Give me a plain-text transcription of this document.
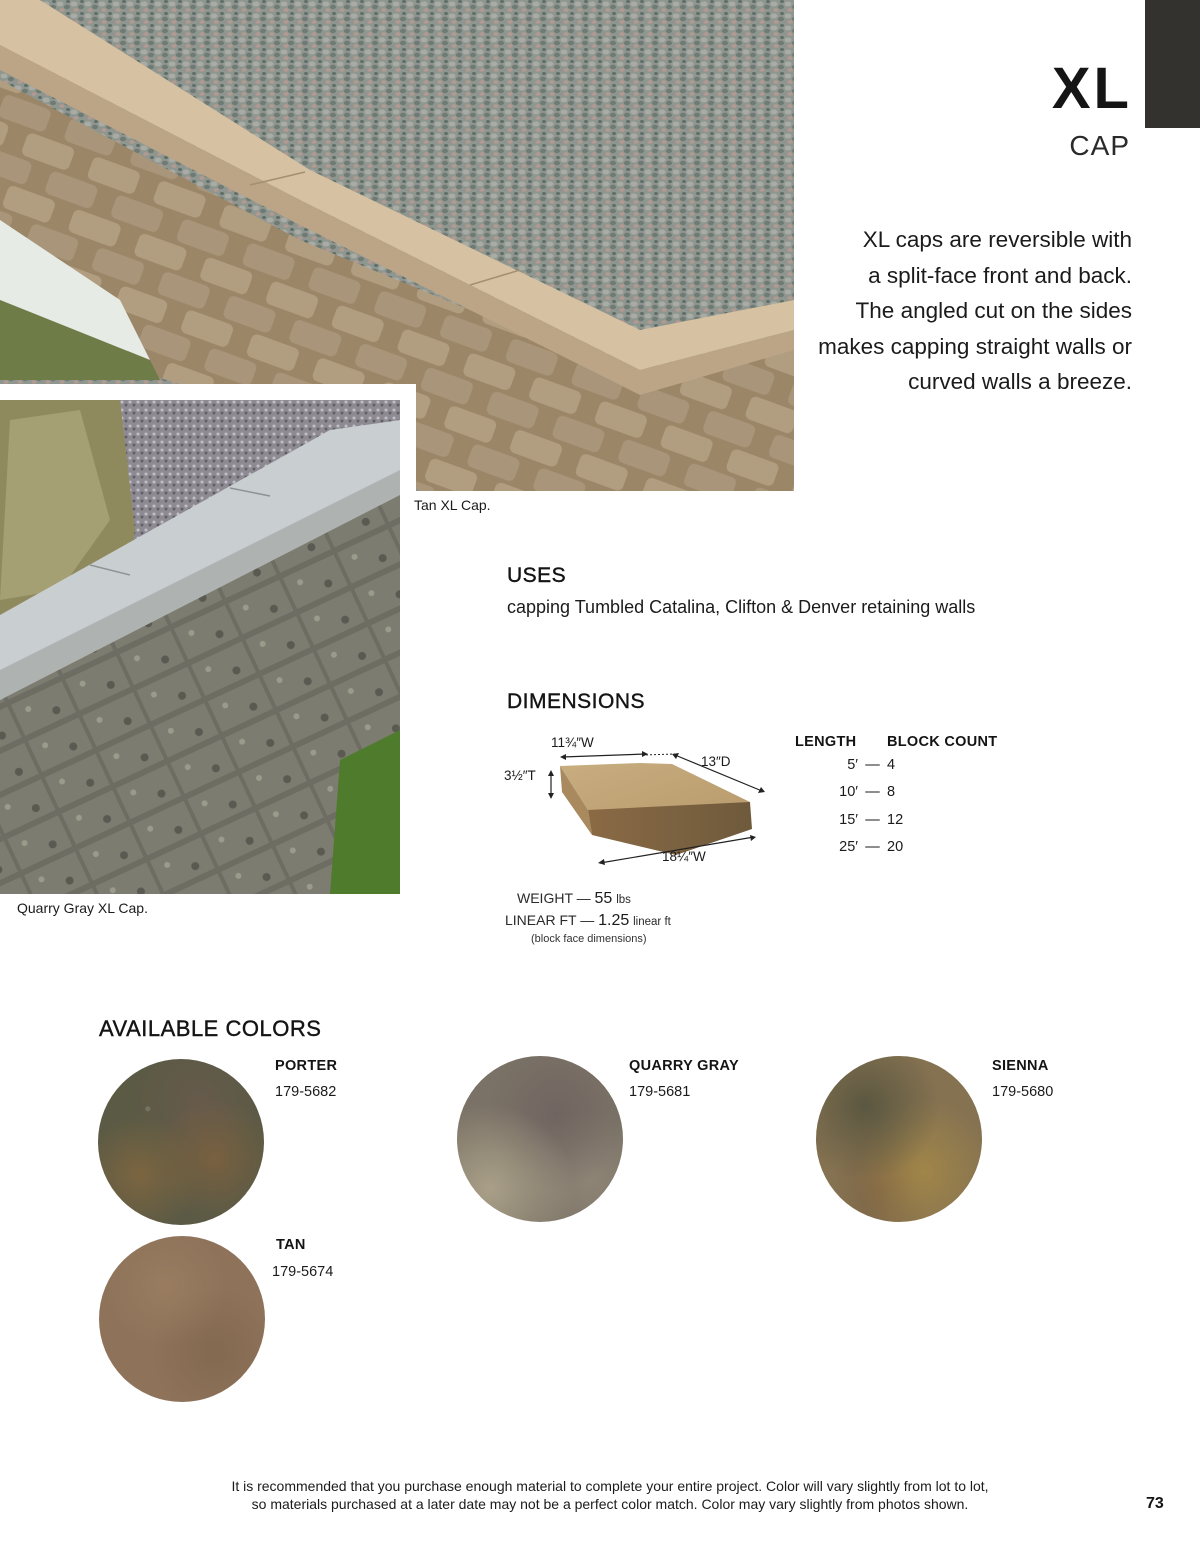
XL
CAP
XL caps are reversible with
a split-face front and back.
The angled cut on the sides
makes capping straight walls or
curved walls a breeze.
Tan XL Cap.
Quarry Gray XL Cap.
USES
capping Tumbled Catalina, Clifton & Denver retaining walls
DIMENSIONS
11¾″W
13″D
3½″T
18¼″W
WEIGHT — 55 lbs
LINEAR FT — 1.25 linear ft
(block face dimensions)
LENGTH	BLOCK COUNT
5′ — 4
10′ — 8
15′ — 12
25′ — 20
AVAILABLE COLORS
PORTER
179-5682
QUARRY GRAY
179-5681
SIENNA
179-5680
TAN
179-5674
It is recommended that you purchase enough material to complete your entire project. Color will vary slightly from lot to lot,
so materials purchased at a later date may not be a perfect color match. Color may vary slightly from photos shown.	73
